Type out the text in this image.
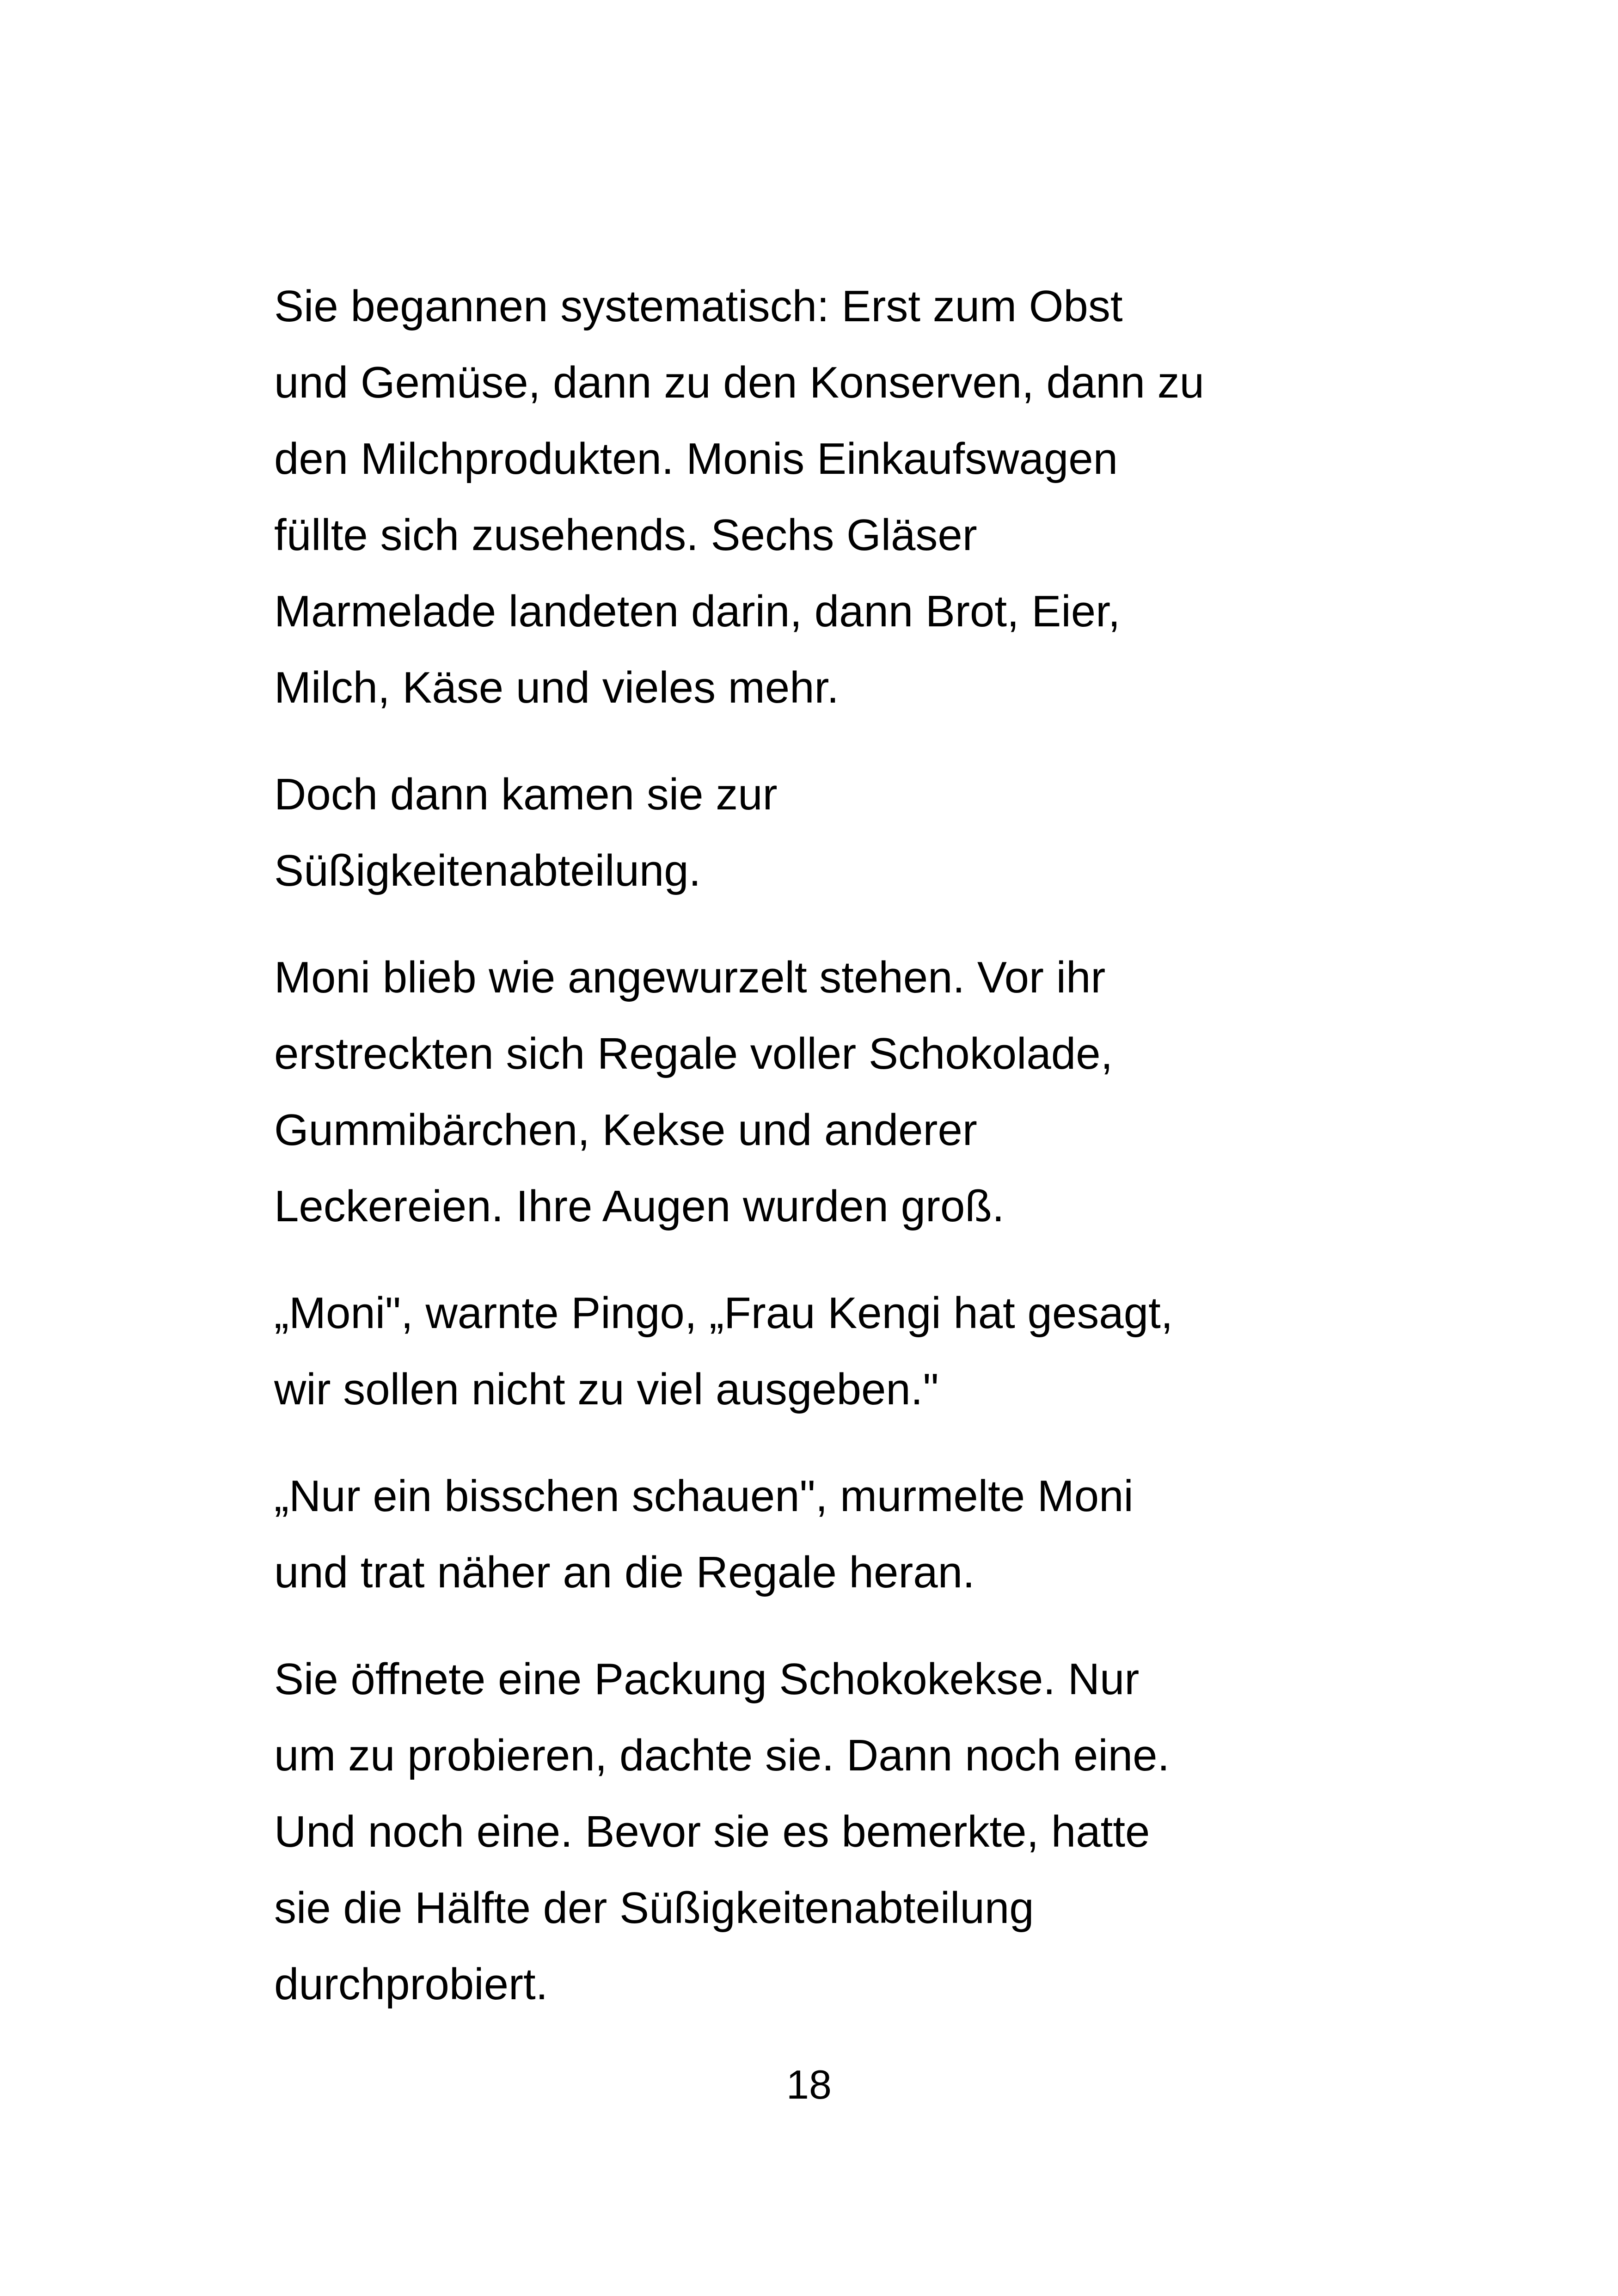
Sie begannen systematisch: Erst zum Obst
und Gemüse, dann zu den Konserven, dann zu
den Milchprodukten. Monis Einkaufswagen
füllte sich zusehends. Sechs Gläser
Marmelade landeten darin, dann Brot, Eier,
Milch, Käse und vieles mehr.

Doch dann kamen sie zur
Süßigkeitenabteilung.

Moni blieb wie angewurzelt stehen. Vor ihr
erstreckten sich Regale voller Schokolade,
Gummibärchen, Kekse und anderer
Leckereien. Ihre Augen wurden groß.

„Moni", warnte Pingo, „Frau Kengi hat gesagt,
wir sollen nicht zu viel ausgeben."

„Nur ein bisschen schauen", murmelte Moni
und trat näher an die Regale heran.

Sie öffnete eine Packung Schokokekse. Nur
um zu probieren, dachte sie. Dann noch eine.
Und noch eine. Bevor sie es bemerkte, hatte
sie die Hälfte der Süßigkeitenabteilung
durchprobiert.

18
